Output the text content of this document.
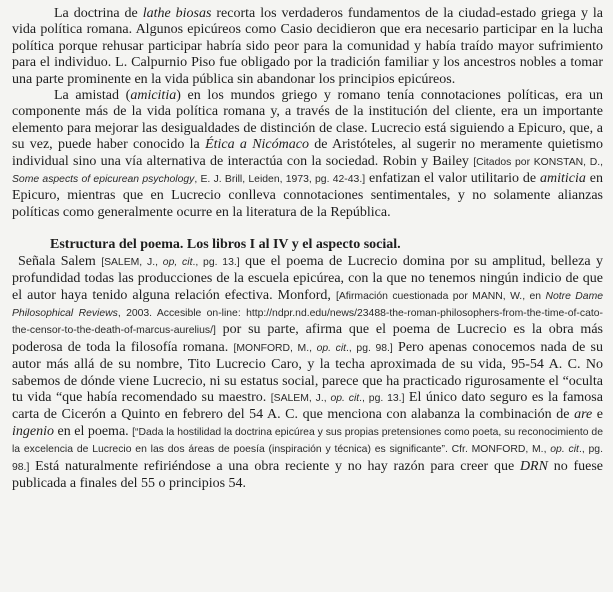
La doctrina de lathe biosas recorta los verdaderos fundamentos de la ciudad-estado griega y la vida política romana. Algunos epicúreos como Casio decidieron que era necesario participar en la lucha política porque rehusar participar habría sido peor para la comunidad y había traído mayor sufrimiento para el individuo. L. Calpurnio Piso fue obligado por la tradición familiar y los ancestros nobles a tomar una parte prominente en la vida pública sin abandonar los principios epicúreos.

La amistad (amicitia) en los mundos griego y romano tenía connotaciones políticas, era un componente más de la vida política romana y, a través de la institución del cliente, era un importante elemento para mejorar las desigualdades de distinción de clase. Lucrecio está siguiendo a Epicuro, que, a su vez, puede haber conocido la Ética a Nicómaco de Aristóteles, al sugerir no meramente quietismo individual sino una vía alternativa de interactúa con la sociedad. Robin y Bailey [Citados por KONSTAN, D., Some aspects of epicurean psychology, E. J. Brill, Leiden, 1973, pg. 42-43.] enfatizan el valor utilitario de amiticia en Epicuro, mientras que en Lucrecio conlleva connotaciones sentimentales, y no solamente alianzas políticas como generalmente ocurre en la literatura de la República.

Estructura del poema. Los libros I al IV y el aspecto social.

Señala Salem [SALEM, J., op, cit., pg. 13.] que el poema de Lucrecio domina por su amplitud, belleza y profundidad todas las producciones de la escuela epicúrea, con la que no tenemos ningún indicio de que el autor haya tenido alguna relación efectiva. Monford, [Afirmación cuestionada por MANN, W., en Notre Dame Philosophical Reviews, 2003. Accesible on-line: http://ndpr.nd.edu/news/23488-the-roman-philosophers-from-the-time-of-cato-the-censor-to-the-death-of-marcus-aurelius/] por su parte, afirma que el poema de Lucrecio es la obra más poderosa de toda la filosofía romana. [MONFORD, M., op. cit., pg. 98.] Pero apenas conocemos nada de su autor más allá de su nombre, Tito Lucrecio Caro, y la techa aproximada de su vida, 95-54 A. C. No sabemos de dónde viene Lucrecio, ni su estatus social, parece que ha practicado rigurosamente el “oculta tu vida “que había recomendado su maestro. [SALEM, J., op. cit., pg. 13.] El único dato seguro es la famosa carta de Cicerón a Quinto en febrero del 54 A. C. que menciona con alabanza la combinación de are e ingenio en el poema. [“Dada la hostilidad la doctrina epicúrea y sus propias pretensiones como poeta, su reconocimiento de la excelencia de Lucrecio en las dos áreas de poesía (inspiración y técnica) es significante”. Cfr. MONFORD, M., op. cit., pg. 98.] Está naturalmente refiriéndose a una obra reciente y no hay razón para creer que DRN no fuese publicada a finales del 55 o principios 54.
